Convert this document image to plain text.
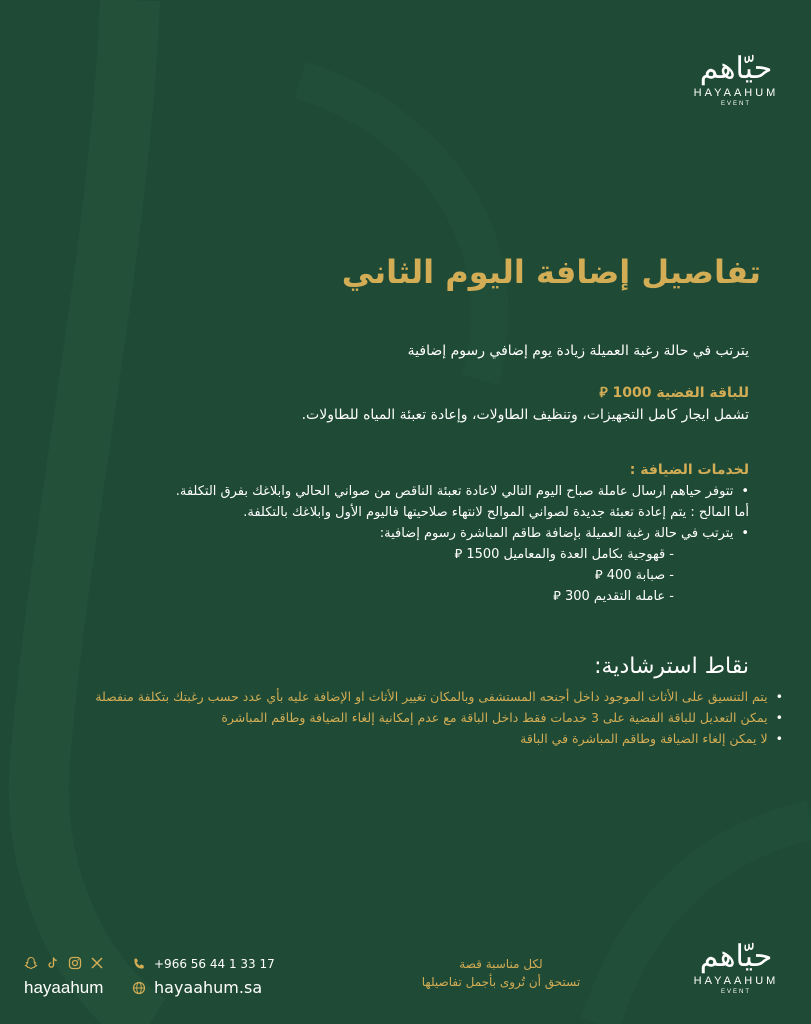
حيّاهم
HAYAAHUM
EVENT
تفاصيل إضافة اليوم الثاني
يترتب في حالة رغبة العميلة زيادة يوم إضافي رسوم إضافية
للباقة الفضية 1000 ⃁
تشمل ايجار كامل التجهيزات، وتنظيف الطاولات، وإعادة تعبئة المياه للطاولات.
لخدمات الضيافة :
• تتوفر حياهم ارسال عاملة صباح اليوم التالي لاعادة تعبئة الناقص من صواني الحالي وابلاغك بفرق التكلفة.
أما المالح : يتم إعادة تعبئة جديدة لصواني الموالح لانتهاء صلاحيتها فاليوم الأول وابلاغك بالتكلفة.
• يترتب في حالة رغبة العميلة بإضافة طاقم المباشرة رسوم إضافية:
- قهوجية بكامل العدة والمعاميل 1500 ⃁
- صبابة 400 ⃁
- عامله التقديم 300 ⃁
نقاط استرشادية:
• يتم التنسيق على الأثاث الموجود داخل أجنحه المستشفى وبالمكان تغيير الأثاث او الإضافة عليه بأي عدد حسب رغبتك بتكلفة منفصلة
• يمكن التعديل للباقة الفضية على 3 خدمات فقط داخل الباقة مع عدم إمكانية إلغاء الضيافة وطاقم المباشرة
• لا يمكن إلغاء الضيافة وطاقم المباشرة في الباقة
hayaahum
+966 56 44 1 33 17
hayaahum.sa
لكل مناسبة قصة
تستحق أن تُروى بأجمل تفاصيلها
حيّاهم
HAYAAHUM
EVENT
